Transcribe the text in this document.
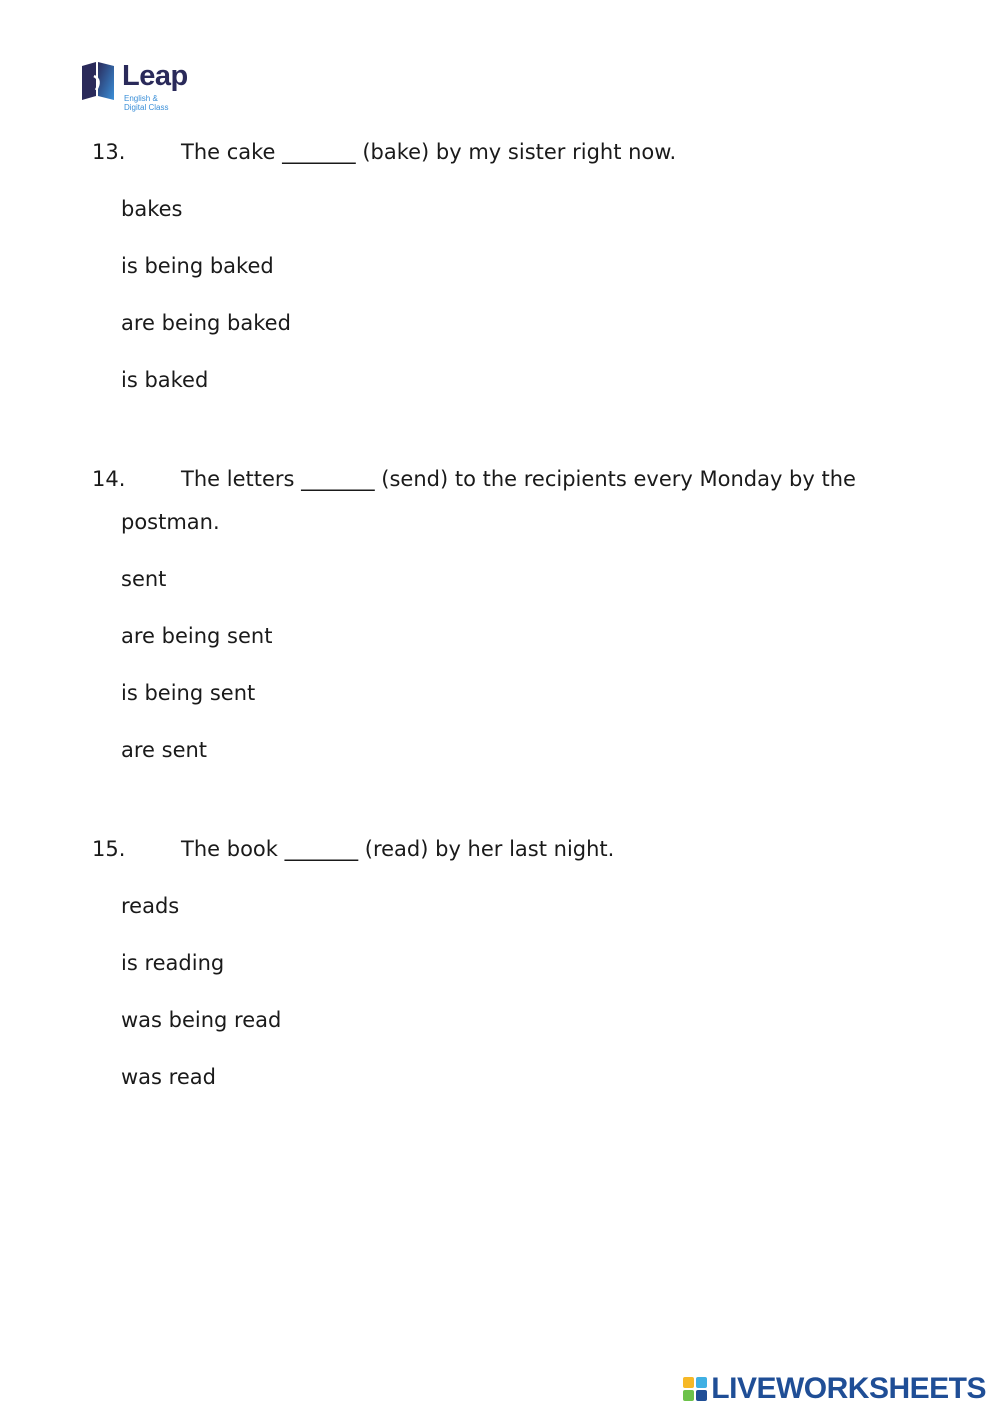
Leap
English &
Digital Class
13.	The cake _______ (bake) by my sister right now.
bakes
is being baked
are being baked
is baked
14.	The letters _______ (send) to the recipients every Monday by the
postman.
sent
are being sent
is being sent
are sent
15.	The book _______ (read) by her last night.
reads
is reading
was being read
was read
LIVEWORKSHEETS
